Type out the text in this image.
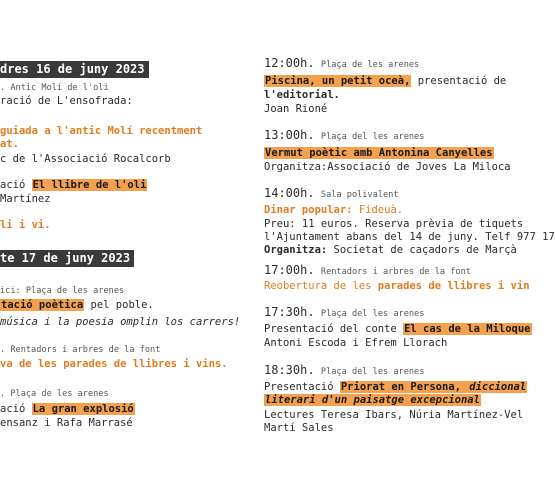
dres 16 de juny 2023
. Antic Molí de l'oli
ració de L'ensofrada:
guiada a l'antic Molí recentment
at.
c de l'Associació Rocalcorb
ació El llibre de l'oli
Martínez
li i vi.
te 17 de juny 2023
ici: Plaça de les arenes
tació poètica pel poble.
música i la poesia omplin los carrers!
. Rentadors i arbres de la font
va de les parades de llibres i vins.
. Plaça de les arenes
ació La gran explosió
ensanz i Rafa Marrasé
12:00h. Plaça de les arenes
Piscina, un petit oceà, presentació de
l'editorial.
Joan Rioné
13:00h. Plaça del les arenes
Vermut poètic amb Antonina Canyelles
Organitza:Associació de Joves La Miloca
14:00h. Sala polivalent
Dinar popular: Fideuà.
Preu: 11 euros. Reserva prèvia de tiquets
l'Ajuntament abans del 14 de juny. Telf 977 17
Organitza: Societat de caçadors de Marçà
17:00h. Rentadors i arbres de la font
Reobertura de les parades de llibres i vin
17:30h. Plaça del les arenes
Presentació del conte El cas de la Miloque
Antoni Escoda i Efrem Llorach
18:30h. Plaça del les arenes
Presentació Priorat en Persona, diccional
literari d'un paisatge excepcional
Lectures Teresa Ibars, Núria Martínez-Vel
Martí Sales
